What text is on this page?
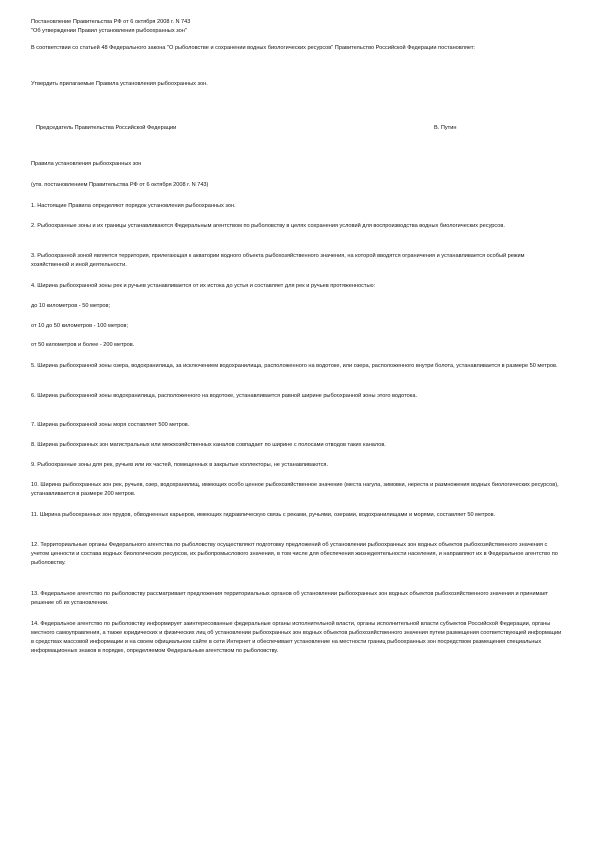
Постановление Правительства РФ от 6 октября 2008 г. N 743

"Об утверждении Правил установления рыбоохранных зон"

В соответствии со статьей 48 Федерального закона "О рыболовстве и сохранении водных биологических ресурсов" Правительство Российской Федерации постановляет:

Утвердить прилагаемые Правила установления рыбоохранных зон.

Председатель Правительства Российской Федерации	В. Путин

Правила установления рыбоохранных зон

(утв. постановлением Правительства РФ от 6 октября 2008 г. N 743)

1. Настоящие Правила определяют порядок установления рыбоохранных зон.

2. Рыбоохранные зоны и их границы устанавливаются Федеральным агентством по рыболовству в целях сохранения условий для воспроизводства водных биологических ресурсов.

3. Рыбоохранной зоной является территория, прилегающая к акватории водного объекта рыбохозяйственного значения, на которой вводятся ограничения и устанавливается особый режим хозяйственной и иной деятельности.

4. Ширина рыбоохранной зоны рек и ручьев устанавливается от их истока до устья и составляет для рек и ручьев протяженностью:

до 10 километров - 50 метров;

от 10 до 50 километров - 100 метров;

от 50 километров и более - 200 метров.

5. Ширина рыбоохранной зоны озера, водохранилища, за исключением водохранилища, расположенного на водотоке, или озера, расположенного внутри болота, устанавливается в размере 50 метров.

6. Ширина рыбоохранной зоны водохранилища, расположенного на водотоке, устанавливается равной ширине рыбоохранной зоны этого водотока.

7. Ширина рыбоохранной зоны моря составляет 500 метров.

8. Ширина рыбоохранных зон магистральных или межхозяйственных каналов совпадает по ширине с полосами отводов таких каналов.

9. Рыбоохранные зоны для рек, ручьев или их частей, помещенных в закрытые коллекторы, не устанавливаются.

10. Ширина рыбоохранных зон рек, ручьев, озер, водохранилищ, имеющих особо ценное рыбохозяйственное значение (места нагула, зимовки, нереста и размножения водных биологических ресурсов), устанавливается в размере 200 метров.

11. Ширина рыбоохранных зон прудов, обводненных карьеров, имеющих гидравлическую связь с реками, ручьями, озерами, водохранилищами и морями, составляет 50 метров.

12. Территориальные органы Федерального агентства по рыболовству осуществляют подготовку предложений об установлении рыбоохранных зон водных объектов рыбохозяйственного значения с учетом ценности и состава водных биологических ресурсов, их рыбопромыслового значения, в том числе для обеспечения жизнедеятельности населения, и направляют их в Федеральное агентство по рыболовству.

13. Федеральное агентство по рыболовству рассматривает предложения территориальных органов об установлении рыбоохранных зон водных объектов рыбохозяйственного значения и принимает решение об их установлении.

14. Федеральное агентство по рыболовству информирует заинтересованные федеральные органы исполнительной власти, органы исполнительной власти субъектов Российской Федерации, органы местного самоуправления, а также юридических и физических лиц об установлении рыбоохранных зон водных объектов рыбохозяйственного значения путем размещения соответствующей информации в средствах массовой информации и на своем официальном сайте в сети Интернет и обеспечивает установление на местности границ рыбоохранных зон посредством размещения специальных информационных знаков в порядке, определяемом Федеральным агентством по рыболовству.
